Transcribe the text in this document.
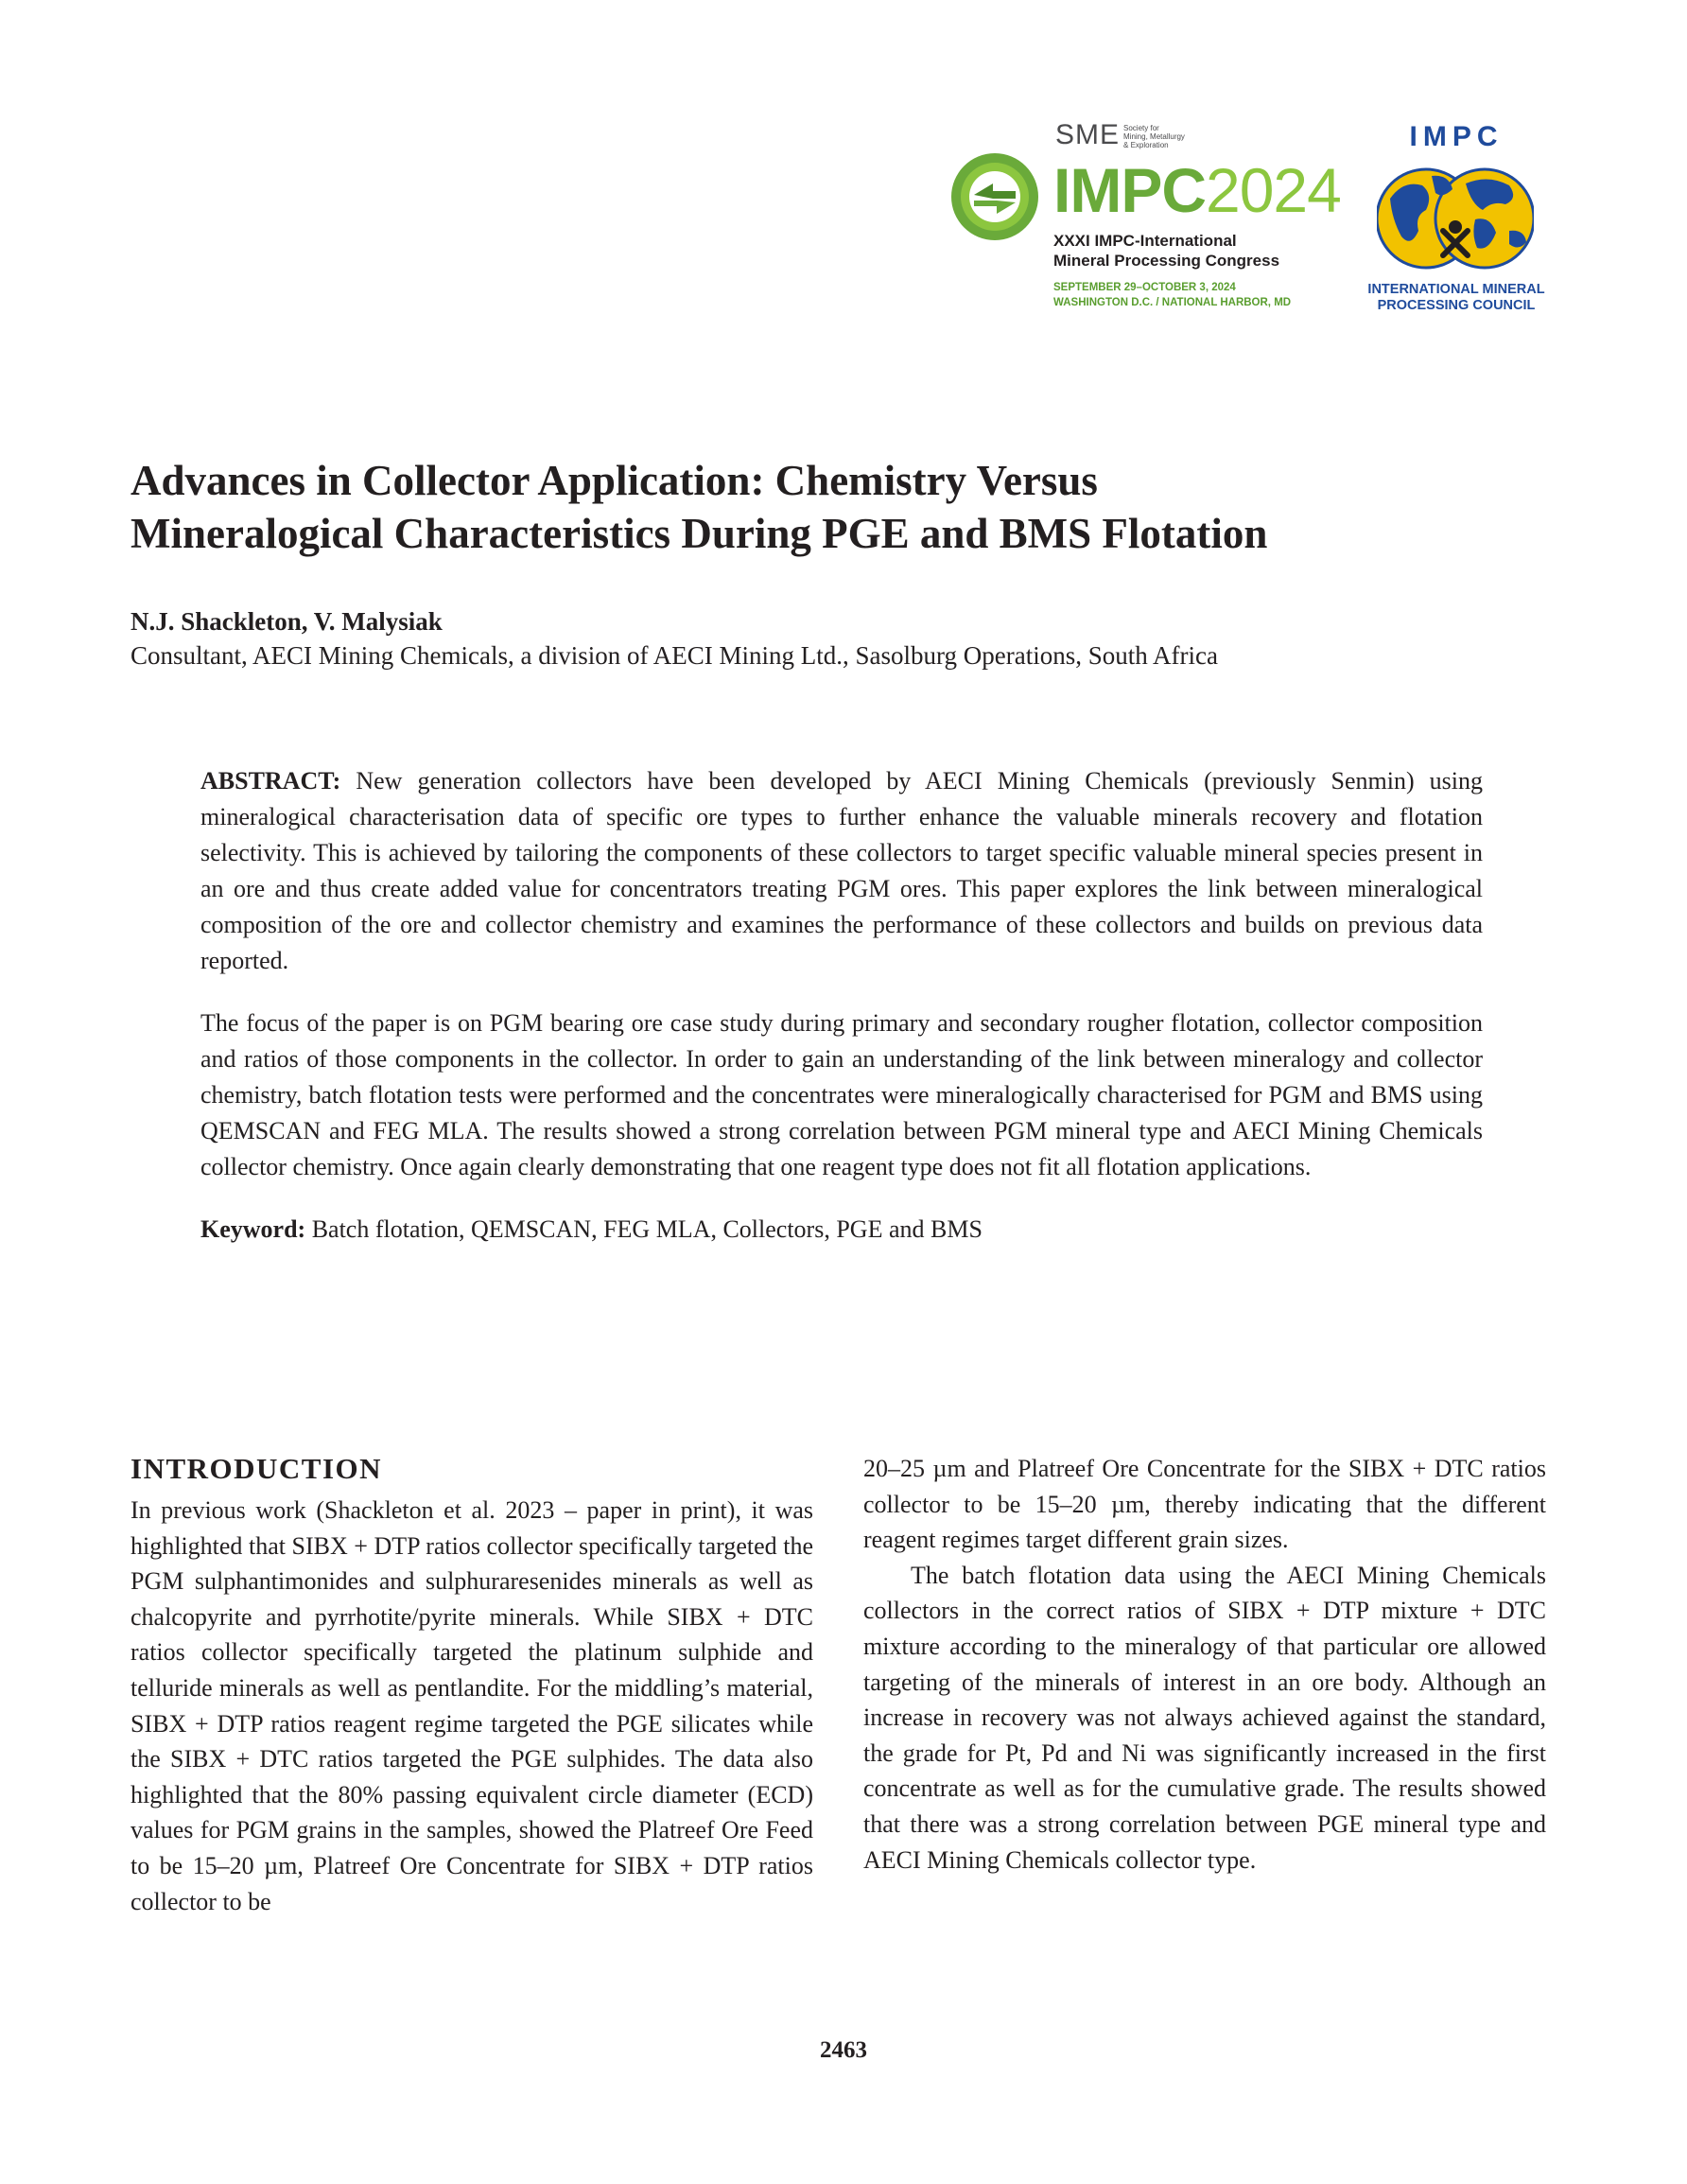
SME Society for
Mining, Metallurgy
& Exploration
IMPC2024
XXXI IMPC-International
Mineral Processing Congress
SEPTEMBER 29–OCTOBER 3, 2024
WASHINGTON D.C. / NATIONAL HARBOR, MD
IMPC
INTERNATIONAL MINERAL
PROCESSING COUNCIL
Advances in Collector Application: Chemistry Versus
Mineralogical Characteristics During PGE and BMS Flotation
N.J. Shackleton, V. Malysiak
Consultant, AECI Mining Chemicals, a division of AECI Mining Ltd., Sasolburg Operations, South Africa

ABSTRACT: New generation collectors have been developed by AECI Mining Chemicals (previously Senmin) using mineralogical characterisation data of specific ore types to further enhance the valuable minerals recovery and flotation selectivity. This is achieved by tailoring the components of these collectors to target specific valuable mineral species present in an ore and thus create added value for concentrators treating PGM ores. This paper explores the link between mineralogical composition of the ore and collector chemistry and examines the performance of these collectors and builds on previous data reported.

The focus of the paper is on PGM bearing ore case study during primary and secondary rougher flotation, collector composition and ratios of those components in the collector. In order to gain an understanding of the link between mineralogy and collector chemistry, batch flotation tests were performed and the concentrates were mineralogically characterised for PGM and BMS using QEMSCAN and FEG MLA. The results showed a strong correlation between PGM mineral type and AECI Mining Chemicals collector chemistry. Once again clearly demonstrating that one reagent type does not fit all flotation applications.

Keyword: Batch flotation, QEMSCAN, FEG MLA, Collectors, PGE and BMS

INTRODUCTION
In previous work (Shackleton et al. 2023 – paper in print), it was highlighted that SIBX + DTP ratios collector specifically targeted the PGM sulphantimonides and sulphuraresenides minerals as well as chalcopyrite and pyrrhotite/pyrite minerals. While SIBX + DTC ratios collector specifically targeted the platinum sulphide and telluride minerals as well as pentlandite. For the middling’s material, SIBX + DTP ratios reagent regime targeted the PGE silicates while the SIBX + DTC ratios targeted the PGE sulphides. The data also highlighted that the 80% passing equivalent circle diameter (ECD) values for PGM grains in the samples, showed the Platreef Ore Feed to be 15–20 µm, Platreef Ore Concentrate for SIBX + DTP ratios collector to be
20–25 µm and Platreef Ore Concentrate for the SIBX + DTC ratios collector to be 15–20 µm, thereby indicating that the different reagent regimes target different grain sizes.

The batch flotation data using the AECI Mining Chemicals collectors in the correct ratios of SIBX + DTP mixture + DTC mixture according to the mineralogy of that particular ore allowed targeting of the minerals of interest in an ore body. Although an increase in recovery was not always achieved against the standard, the grade for Pt, Pd and Ni was significantly increased in the first concentrate as well as for the cumulative grade. The results showed that there was a strong correlation between PGE mineral type and AECI Mining Chemicals collector type.

2463
